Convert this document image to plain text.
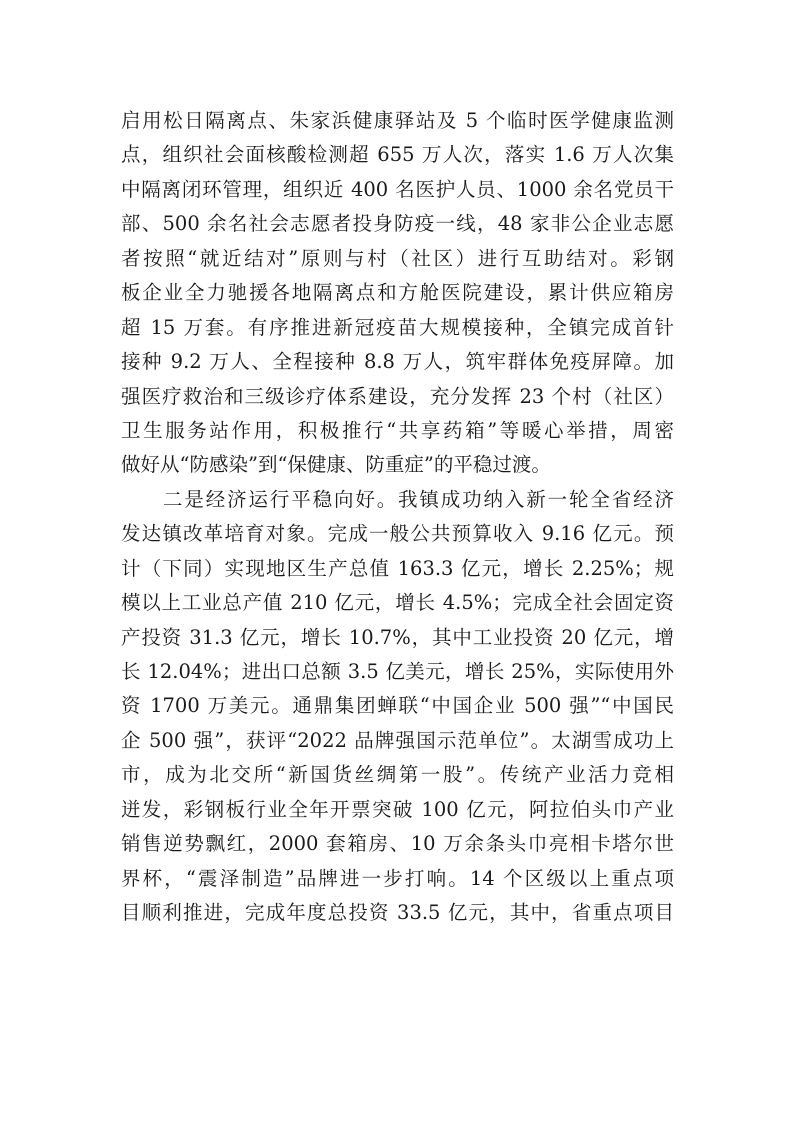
启用松日隔离点、朱家浜健康驿站及 5 个临时医学健康监测
点，组织社会面核酸检测超 655 万人次，落实 1.6 万人次集
中隔离闭环管理，组织近 400 名医护人员、1000 余名党员干
部、500 余名社会志愿者投身防疫一线，48 家非公企业志愿
者按照“就近结对”原则与村（社区）进行互助结对。彩钢
板企业全力驰援各地隔离点和方舱医院建设，累计供应箱房
超 15 万套。有序推进新冠疫苗大规模接种，全镇完成首针
接种 9.2 万人、全程接种 8.8 万人，筑牢群体免疫屏障。加
强医疗救治和三级诊疗体系建设，充分发挥 23 个村（社区）
卫生服务站作用，积极推行“共享药箱”等暖心举措，周密
做好从“防感染”到“保健康、防重症”的平稳过渡。
二是经济运行平稳向好。我镇成功纳入新一轮全省经济
发达镇改革培育对象。完成一般公共预算收入 9.16 亿元。预
计（下同）实现地区生产总值 163.3 亿元，增长 2.25%；规
模以上工业总产值 210 亿元，增长 4.5%；完成全社会固定资
产投资 31.3 亿元，增长 10.7%，其中工业投资 20 亿元，增
长 12.04%；进出口总额 3.5 亿美元，增长 25%，实际使用外
资 1700 万美元。通鼎集团蝉联“中国企业 500 强”“中国民
企 500 强”，获评“2022 品牌强国示范单位”。太湖雪成功上
市，成为北交所“新国货丝绸第一股”。传统产业活力竞相
迸发，彩钢板行业全年开票突破 100 亿元，阿拉伯头巾产业
销售逆势飘红，2000 套箱房、10 万余条头巾亮相卡塔尔世
界杯，“震泽制造”品牌进一步打响。14 个区级以上重点项
目顺利推进，完成年度总投资 33.5 亿元，其中，省重点项目
